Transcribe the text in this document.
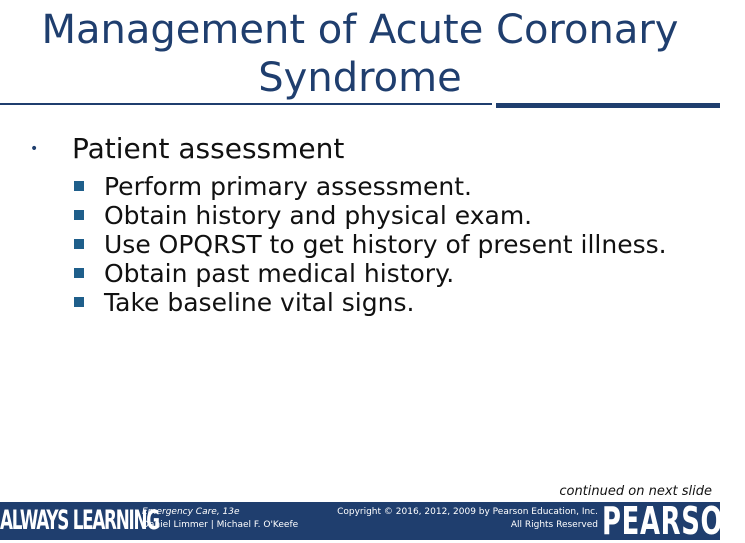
Management of Acute Coronary Syndrome
• Patient assessment
Perform primary assessment.
Obtain history and physical exam.
Use OPQRST to get history of present illness.
Obtain past medical history.
Take baseline vital signs.
continued on next slide
ALWAYS LEARNING
Emergency Care, 13e
Daniel Limmer | Michael F. O'Keefe
Copyright © 2016, 2012, 2009 by Pearson Education, Inc.
All Rights Reserved PEARSON
